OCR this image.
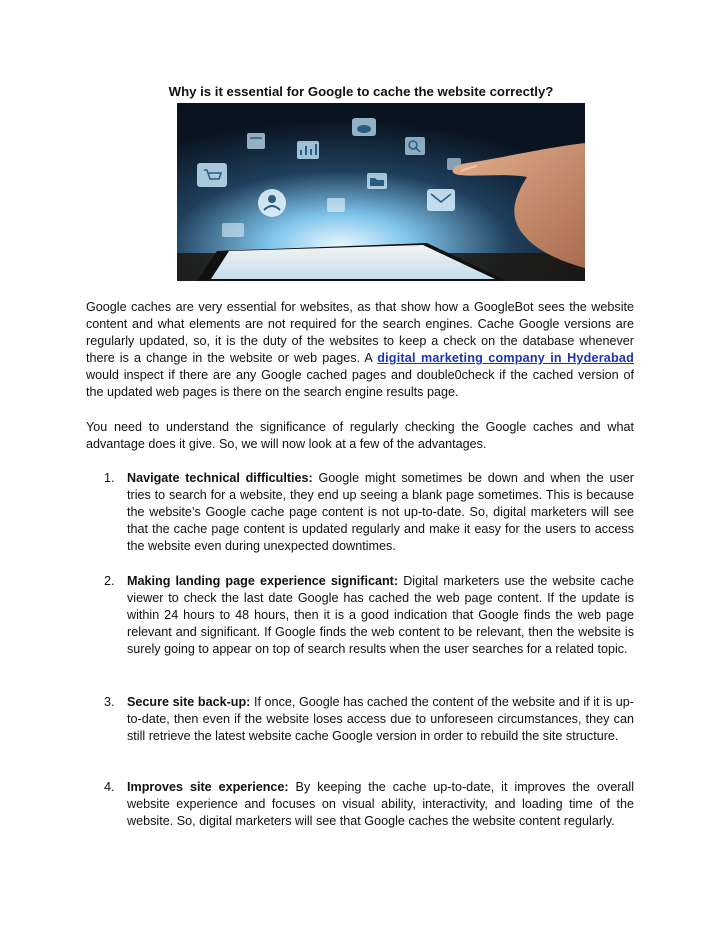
Why is it essential for Google to cache the website correctly?

Google caches are very essential for websites, as that show how a GoogleBot sees the website content and what elements are not required for the search engines. Cache Google versions are regularly updated, so, it is the duty of the websites to keep a check on the database whenever there is a change in the website or web pages. A digital marketing company in Hyderabad would inspect if there are any Google cached pages and double0check if the cached version of the updated web pages is there on the search engine results page.

You need to understand the significance of regularly checking the Google caches and what advantage does it give. So, we will now look at a few of the advantages.

1. Navigate technical difficulties: Google might sometimes be down and when the user tries to search for a website, they end up seeing a blank page sometimes. This is because the website’s Google cache page content is not up-to-date. So, digital marketers will see that the cache page content is updated regularly and make it easy for the users to access the website even during unexpected downtimes.

2. Making landing page experience significant: Digital marketers use the website cache viewer to check the last date Google has cached the web page content. If the update is within 24 hours to 48 hours, then it is a good indication that Google finds the web page relevant and significant. If Google finds the web content to be relevant, then the website is surely going to appear on top of search results when the user searches for a related topic.

3. Secure site back-up: If once, Google has cached the content of the website and if it is up-to-date, then even if the website loses access due to unforeseen circumstances, they can still retrieve the latest website cache Google version in order to rebuild the site structure.

4. Improves site experience: By keeping the cache up-to-date, it improves the overall website experience and focuses on visual ability, interactivity, and loading time of the website. So, digital marketers will see that Google caches the website content regularly.
